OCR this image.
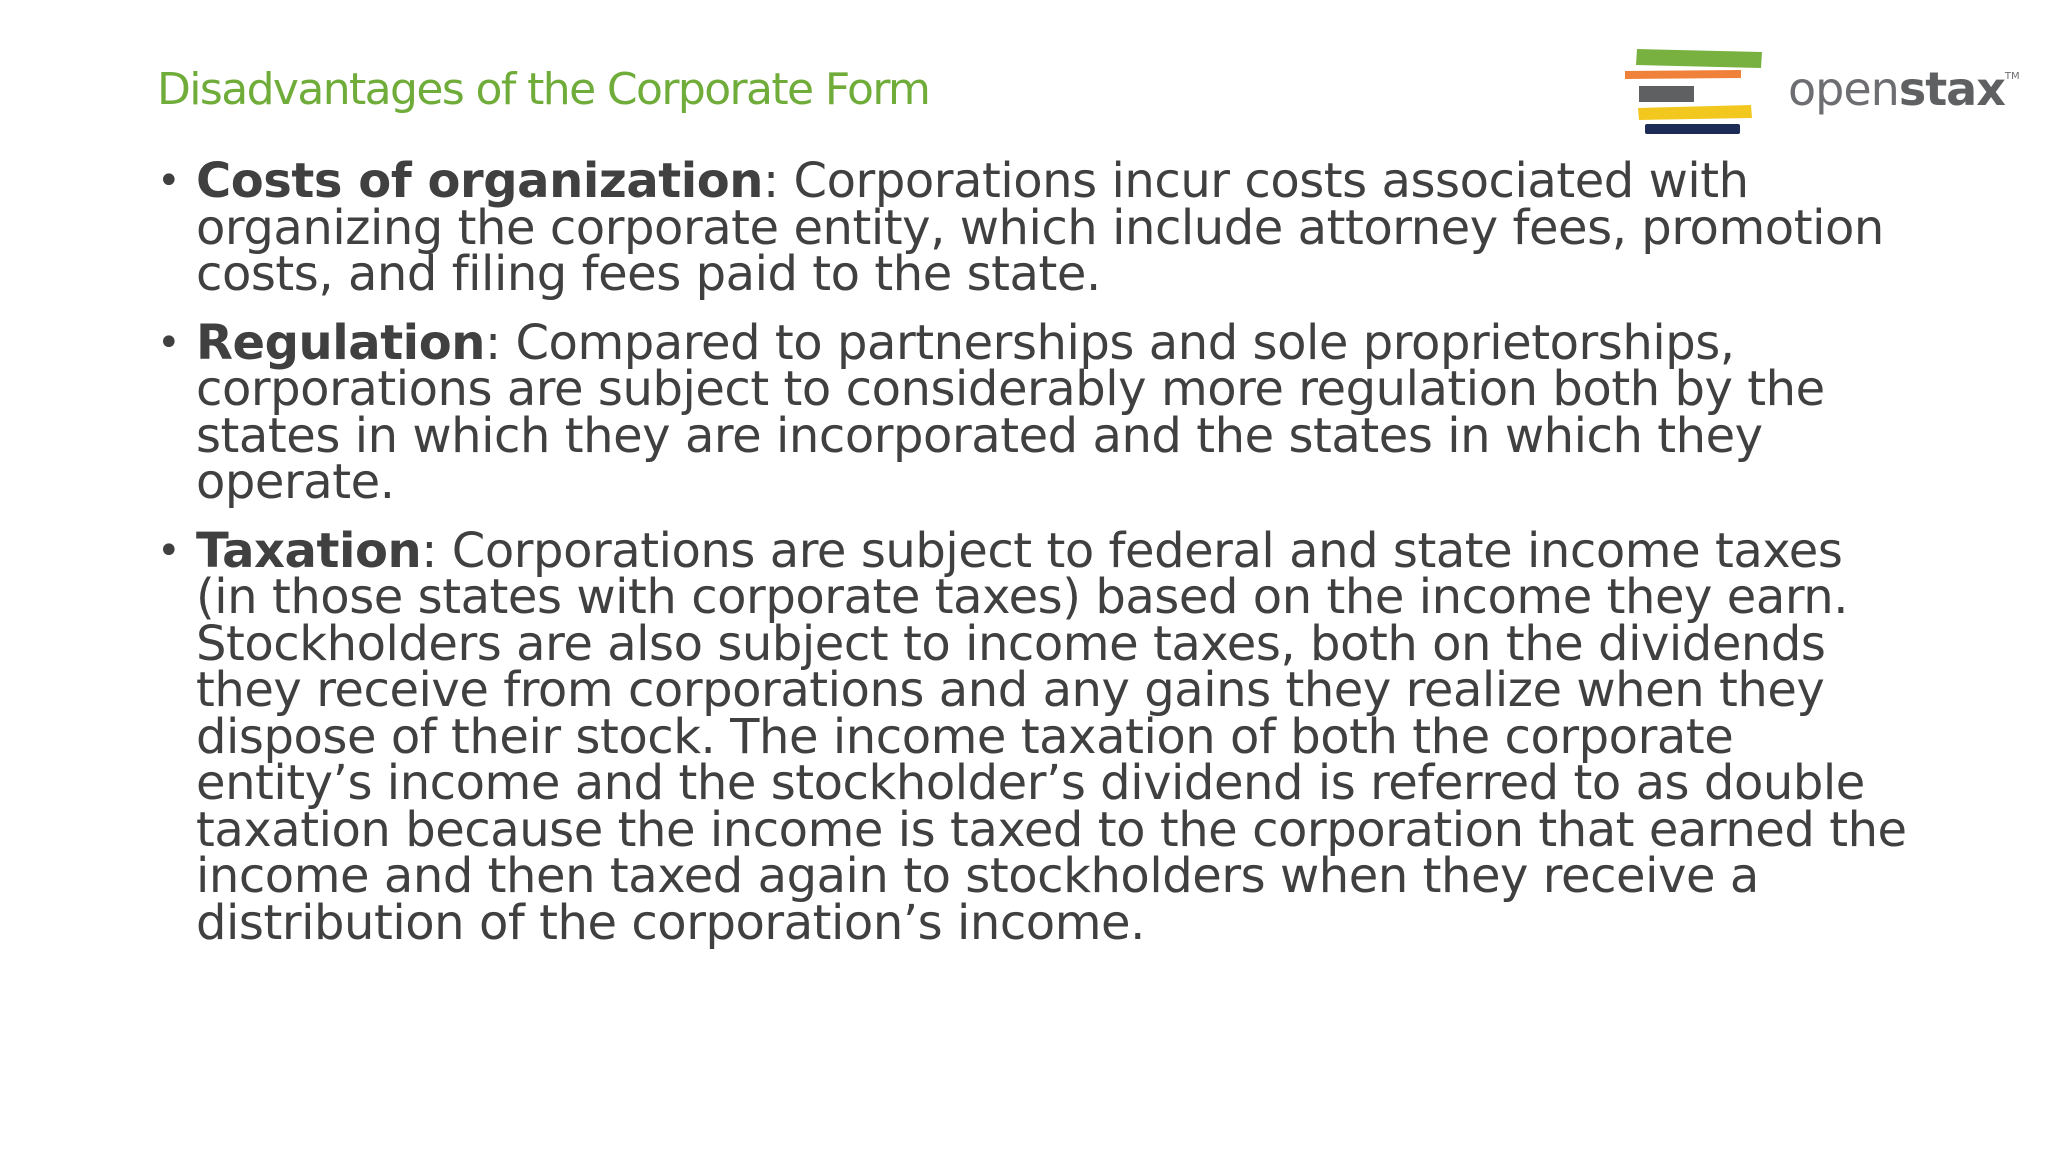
Disadvantages of the Corporate Form	openstax™
• Costs of organization: Corporations incur costs associated with organizing the corporate entity, which include attorney fees, promotion costs, and filing fees paid to the state.
• Regulation: Compared to partnerships and sole proprietorships, corporations are subject to considerably more regulation both by the states in which they are incorporated and the states in which they operate.
• Taxation: Corporations are subject to federal and state income taxes (in those states with corporate taxes) based on the income they earn. Stockholders are also subject to income taxes, both on the dividends they receive from corporations and any gains they realize when they dispose of their stock. The income taxation of both the corporate entity’s income and the stockholder’s dividend is referred to as double taxation because the income is taxed to the corporation that earned the income and then taxed again to stockholders when they receive a distribution of the corporation’s income.
